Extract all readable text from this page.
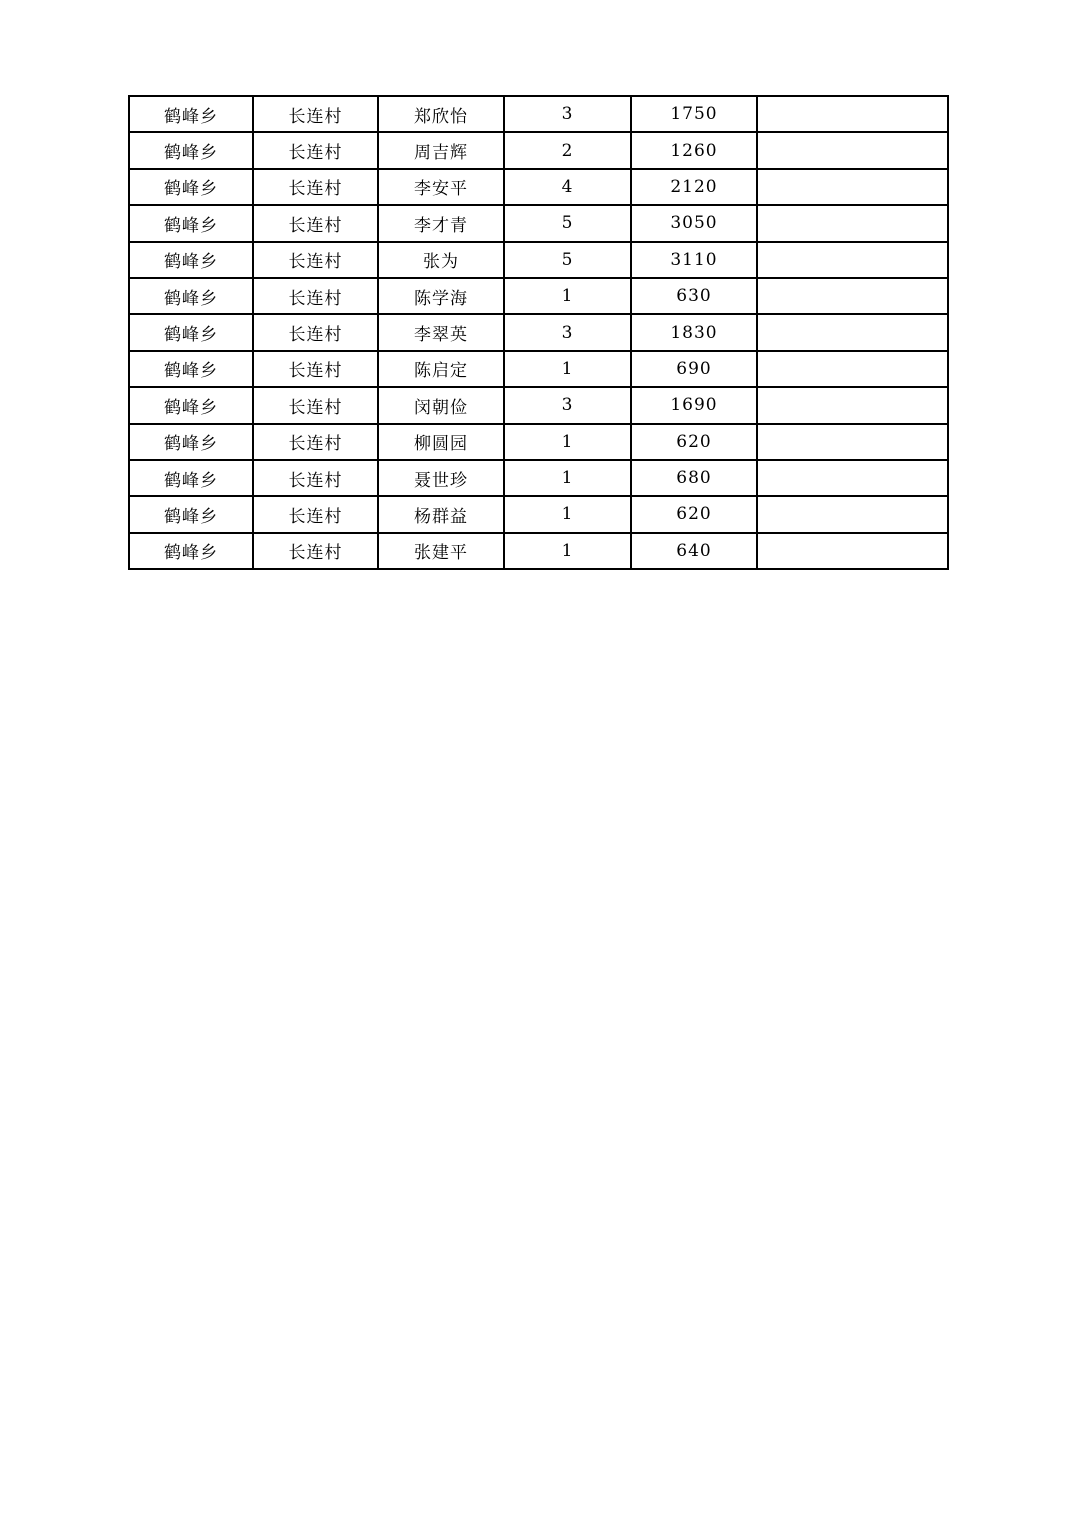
鹤峰乡	长连村	郑欣怡	3	1750	
鹤峰乡	长连村	周吉辉	2	1260	
鹤峰乡	长连村	李安平	4	2120	
鹤峰乡	长连村	李才青	5	3050	
鹤峰乡	长连村	张为	5	3110	
鹤峰乡	长连村	陈学海	1	630	
鹤峰乡	长连村	李翠英	3	1830	
鹤峰乡	长连村	陈启定	1	690	
鹤峰乡	长连村	闵朝俭	3	1690	
鹤峰乡	长连村	柳圆园	1	620	
鹤峰乡	长连村	聂世珍	1	680	
鹤峰乡	长连村	杨群益	1	620	
鹤峰乡	长连村	张建平	1	640	
